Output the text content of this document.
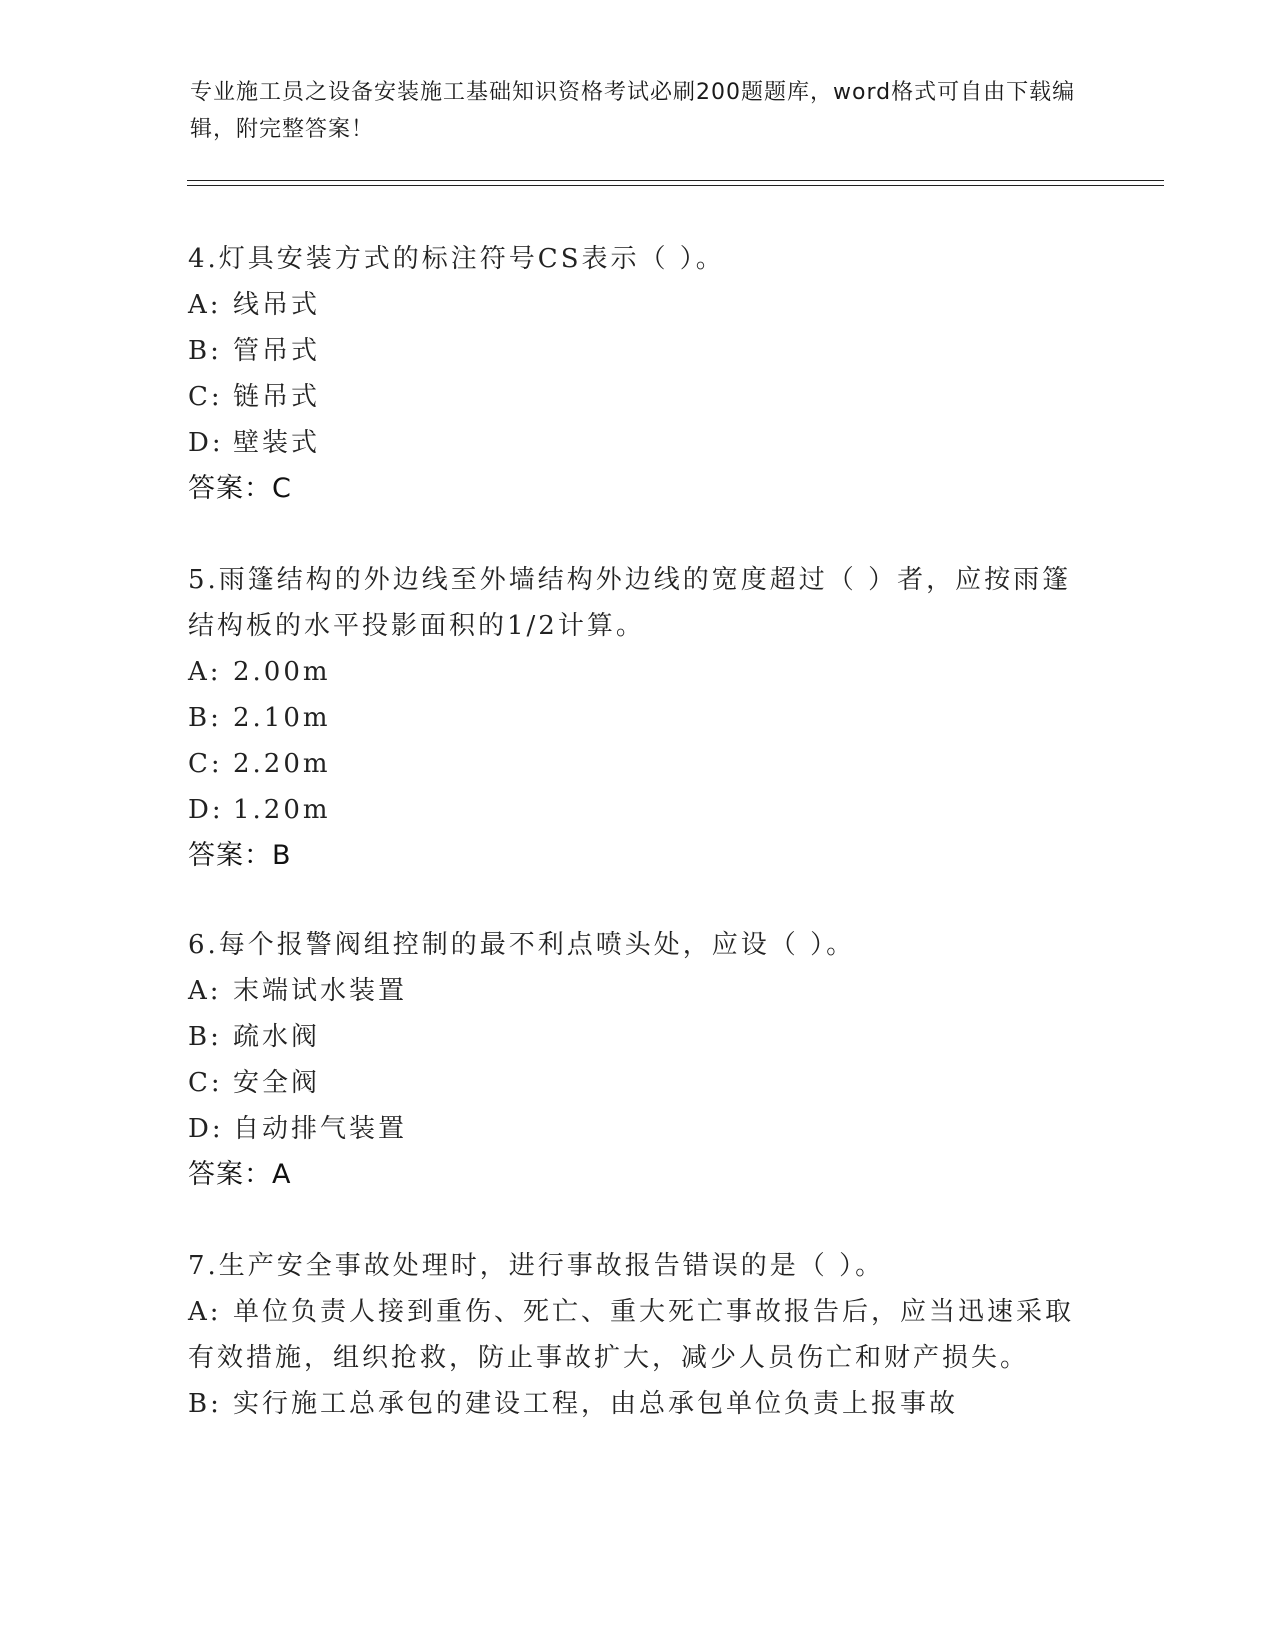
专业施工员之设备安装施工基础知识资格考试必刷200题题库，word格式可自由下载编辑，附完整答案！

4.灯具安装方式的标注符号CS表示（ ）。

A: 线吊式

B: 管吊式

C: 链吊式

D: 壁装式

答案：C

5.雨篷结构的外边线至外墙结构外边线的宽度超过（ ）者，应按雨篷结构板的水平投影面积的1/2计算。

A: 2.00m

B: 2.10m

C: 2.20m

D: 1.20m

答案：B

6.每个报警阀组控制的最不利点喷头处，应设（ ）。

A: 末端试水装置

B: 疏水阀

C: 安全阀

D: 自动排气装置

答案：A

7.生产安全事故处理时，进行事故报告错误的是（ ）。

A: 单位负责人接到重伤、死亡、重大死亡事故报告后，应当迅速采取有效措施，组织抢救，防止事故扩大，减少人员伤亡和财产损失。

B: 实行施工总承包的建设工程，由总承包单位负责上报事故
